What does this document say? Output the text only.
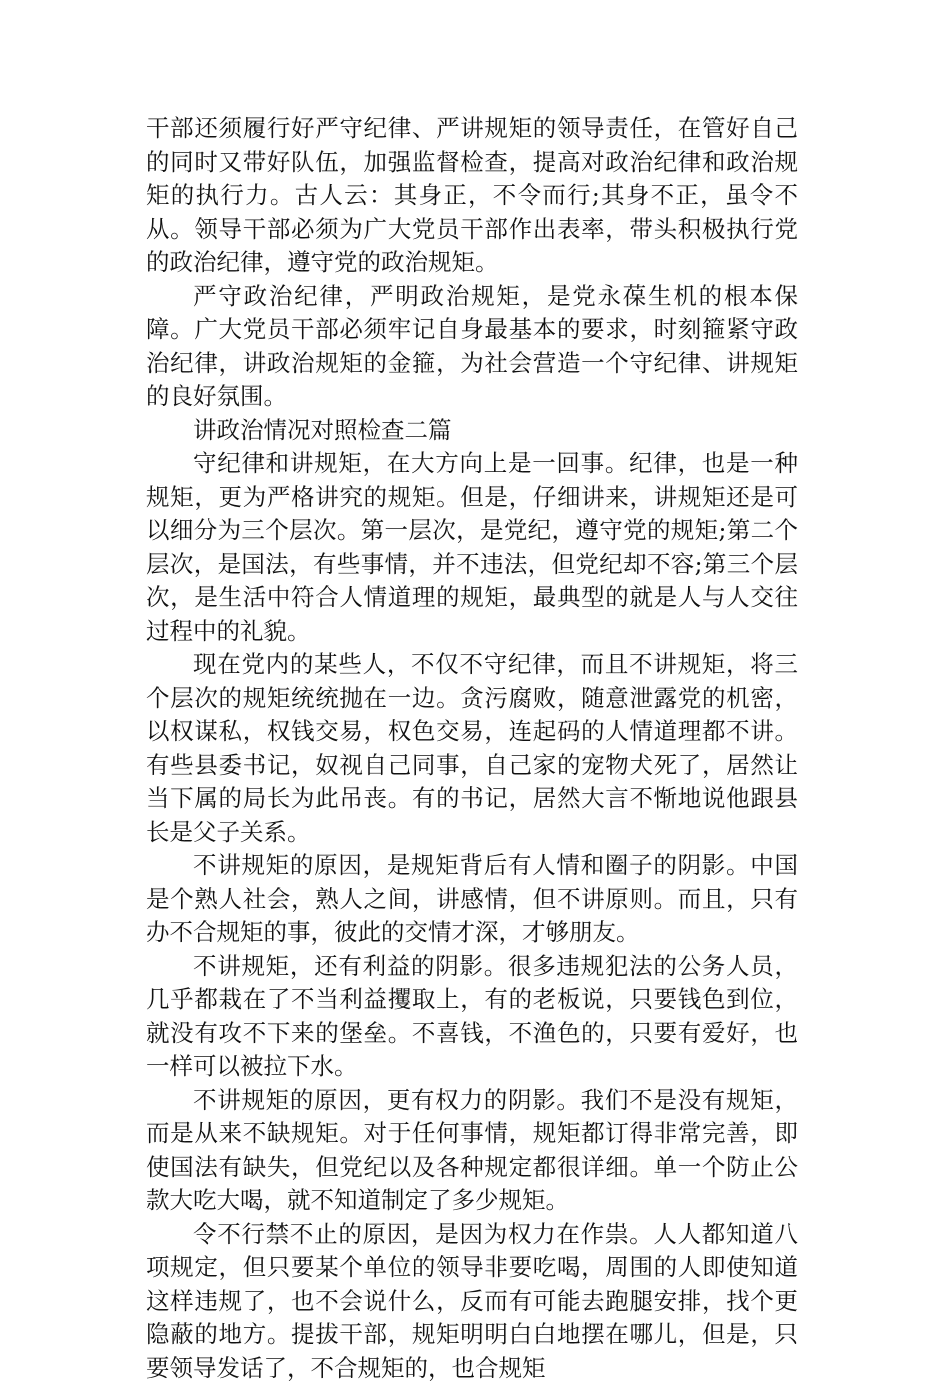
干部还须履行好严守纪律、严讲规矩的领导责任，在管好自己的同时又带好队伍，加强监督检查，提高对政治纪律和政治规矩的执行力。古人云：其身正，不令而行;其身不正，虽令不从。领导干部必须为广大党员干部作出表率，带头积极执行党的政治纪律，遵守党的政治规矩。

严守政治纪律，严明政治规矩，是党永葆生机的根本保障。广大党员干部必须牢记自身最基本的要求，时刻箍紧守政治纪律，讲政治规矩的金箍，为社会营造一个守纪律、讲规矩的良好氛围。

讲政治情况对照检查二篇

守纪律和讲规矩，在大方向上是一回事。纪律，也是一种规矩，更为严格讲究的规矩。但是，仔细讲来，讲规矩还是可以细分为三个层次。第一层次，是党纪，遵守党的规矩;第二个层次，是国法，有些事情，并不违法，但党纪却不容;第三个层次，是生活中符合人情道理的规矩，最典型的就是人与人交往过程中的礼貌。

现在党内的某些人，不仅不守纪律，而且不讲规矩，将三个层次的规矩统统抛在一边。贪污腐败，随意泄露党的机密，以权谋私，权钱交易，权色交易，连起码的人情道理都不讲。有些县委书记，奴视自己同事，自己家的宠物犬死了，居然让当下属的局长为此吊丧。有的书记，居然大言不惭地说他跟县长是父子关系。

不讲规矩的原因，是规矩背后有人情和圈子的阴影。中国是个熟人社会，熟人之间，讲感情，但不讲原则。而且，只有办不合规矩的事，彼此的交情才深，才够朋友。

不讲规矩，还有利益的阴影。很多违规犯法的公务人员，几乎都栽在了不当利益攫取上，有的老板说，只要钱色到位，就没有攻不下来的堡垒。不喜钱，不渔色的，只要有爱好，也一样可以被拉下水。

不讲规矩的原因，更有权力的阴影。我们不是没有规矩，而是从来不缺规矩。对于任何事情，规矩都订得非常完善，即使国法有缺失，但党纪以及各种规定都很详细。单一个防止公款大吃大喝，就不知道制定了多少规矩。

令不行禁不止的原因，是因为权力在作祟。人人都知道八项规定，但只要某个单位的领导非要吃喝，周围的人即使知道这样违规了，也不会说什么，反而有可能去跑腿安排，找个更隐蔽的地方。提拔干部，规矩明明白白地摆在哪儿，但是，只要领导发话了，不合规矩的，也合规矩
